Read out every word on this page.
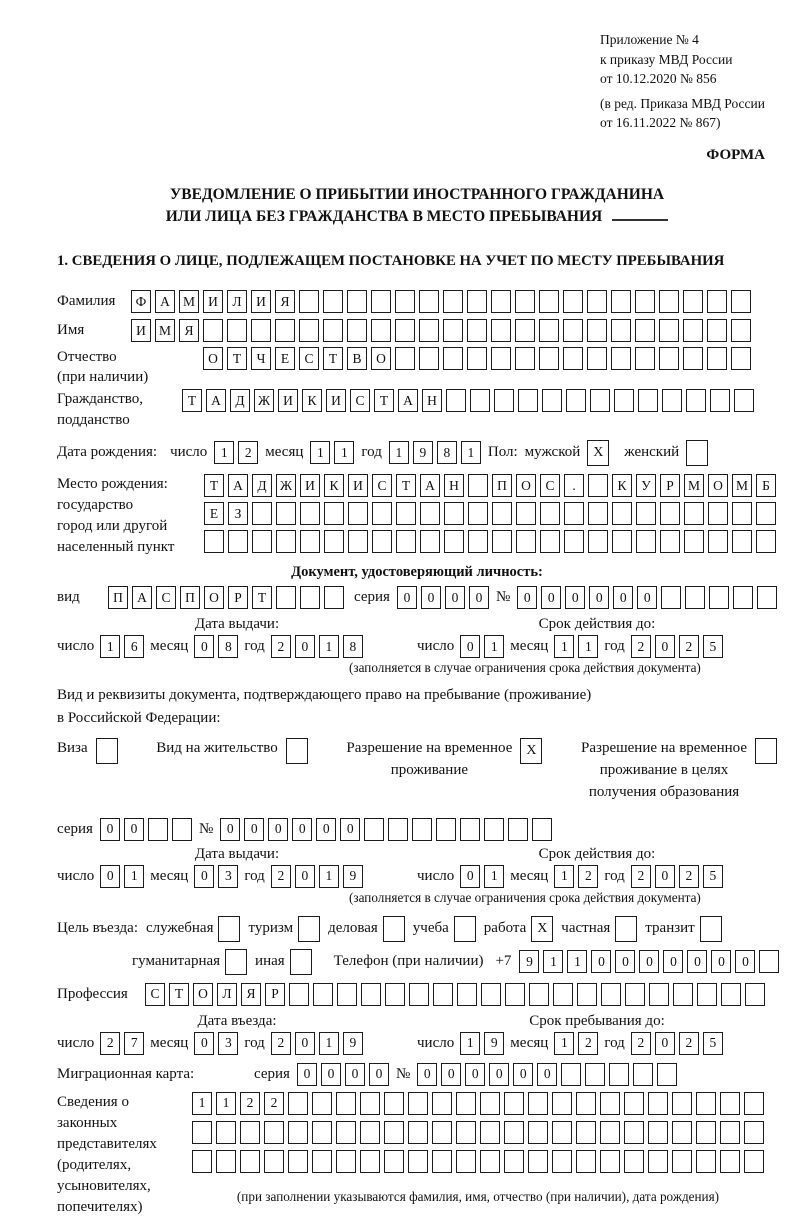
Приложение № 4
к приказу МВД России
от 10.12.2020 № 856
(в ред. Приказа МВД России
от 16.11.2022 № 867)
ФОРМА
УВЕДОМЛЕНИЕ О ПРИБЫТИИ ИНОСТРАННОГО ГРАЖДАНИНА
ИЛИ ЛИЦА БЕЗ ГРАЖДАНСТВА В МЕСТО ПРЕБЫВАНИЯ
1. СВЕДЕНИЯ О ЛИЦЕ, ПОДЛЕЖАЩЕМ ПОСТАНОВКЕ НА УЧЕТ ПО МЕСТУ ПРЕБЫВАНИЯ
Фамилия	Ф	А М И	Л	И	Я
Имя	И М Я
Отчество
(при наличии)
О	Т	Ч	Е	С	Т	В	О
Гражданство,
подданство
Т	А	Д Ж И	К	И	С	Т	А	Н
Дата рождения: число	1	2 месяц	1	1 год	1	9	8	1 Пол: мужской X	женский
Место рождения:
государство
город или другой
населенный пункт
Т	А	Д Ж И	К	И	С	Т	А	Н	П	О	С	.	К	У	Р	М О М	Б
Е	З
Документ, удостоверяющий личность:
вид	П	А	С	П	О	Р	Т	серия	0	0	0	0 №	0	0	0	0	0	0
Дата выдачи:	Срок действия до:
число 1	6 месяц 0	8 год 2	0	1	8	число 0	1 месяц 1	1 год 2	0	2	5
(заполняется в случае ограничения срока действия документа)
Вид и реквизиты документа, подтверждающего право на пребывание (проживание)
в Российской Федерации:
Виза	Вид на жительство	Разрешение на временное
проживание
X	Разрешение на временное
проживание в целях
получения образования
серия	0	0	№	0	0	0	0	0	0
Дата выдачи:	Срок действия до:
число 0	1 месяц 0	3 год 2	0	1	9	число 0	1 месяц 1	2 год 2	0	2	5
(заполняется в случае ограничения срока действия документа)
Цель въезда: служебная туризм деловая учеба работа X частная транзит
гуманитарная иная	Телефон (при наличии) +7	9	1	1	0	0	0	0	0	0	0
Профессия	С	Т	О	Л	Я	Р
Дата въезда:	Срок пребывания до:
число 2	7 месяц 0	3 год 2	0	1	9	число 1	9 месяц 1	2 год 2	0	2	5
Миграционная карта:	серия	0	0	0	0 №	0	0	0	0	0	0
Сведения о
законных
представителях
(родителях,
усыновителях,
попечителях)
1	1	2	2
(при заполнении указываются фамилия, имя, отчество (при наличии), дата рождения)
